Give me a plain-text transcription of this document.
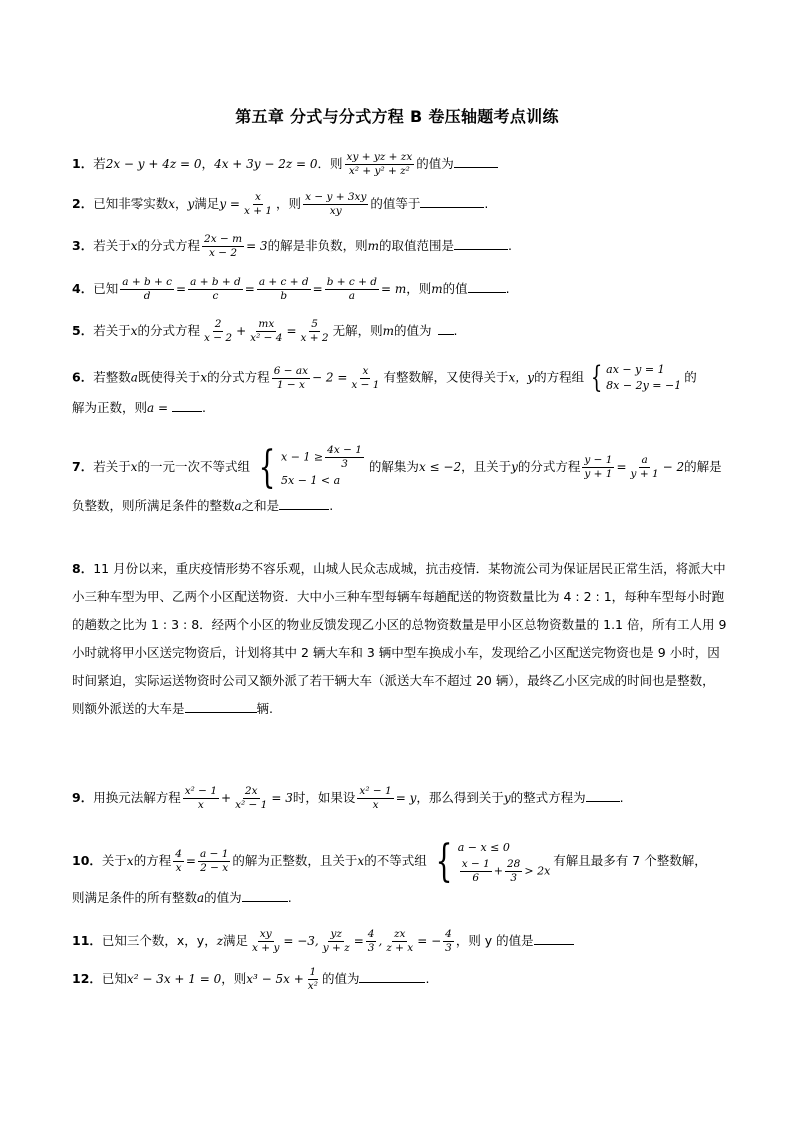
第五章 分式与分式方程 B 卷压轴题考点训练
1．若2x − y + 4z = 0，4x + 3y − 2z = 0．则 $\frac{xy + yz + zx}{\text{x² + y² + z²}}$ 的值为
2．已知非零实数x，y满足$y = \frac{x}{x + 1}$ ，则 $\frac{x - y + 3xy}{xy}$ 的值等于	.
3．若关于x的分式方程 $\frac{2x - m}{x - 2} = 3$的解是非负数，则m的取值范围是	.
4．已知 $\frac{a + b + c}{d} = \frac{a + b + d}{c} = \frac{a + c + d}{b} = \frac{b + c + d}{a} = m$，则m的值	.
5．若关于x的分式方程 $\frac{2}{x - 2} + \frac{mx}{\text{x² − 4}} = \frac{5}{x + 2}$ 无解，则m的值为 .
6．若整数a既使得关于x的分式方程 $\frac{6 - ax}{1 - x} - 2 = \frac{x}{x - 1}$ 有整数解，又使得关于x，y的方程组 { ax − y = 1
8x − 2y = −1
的
解为正数，则a =	.
7．若关于x的一元一次不等式组 { $x - 1 \ge \frac{4x - 1}{3}$
5x − 1 < a
的解集为x ≤ −2，且关于y的分式方程 $\frac{y - 1}{y + 1} = \frac{a}{y + 1} - 2$的解是
负整数，则所满足条件的整数a之和是	.
8．11 月份以来，重庆疫情形势不容乐观，山城人民众志成城，抗击疫情．某物流公司为保证居民正常生活，将派大中小三种车型为甲、乙两个小区配送物资．大中小三种车型每辆车每趟配送的物资数量比为 4 : 2 : 1，每种车型每小时跑的趟数之比为 1 : 3 : 8．经两个小区的物业反馈发现乙小区的总物资数量是甲小区总物资数量的 1.1 倍，所有工人用 9 小时就将甲小区送完物资后，计划将其中 2 辆大车和 3 辆中型车换成小车，发现给乙小区配送完物资也是 9 小时，因时间紧迫，实际运送物资时公司又额外派了若干辆大车（派送大车不超过 20 辆），最终乙小区完成的时间也是整数，则额外派送的大车是	辆.
9．用换元法解方程 $\frac{\text{x² − 1}}{x} + \frac{2x}{\text{x² − 1}} = 3$时，如果设 $\frac{\text{x² − 1}}{x} = y$，那么得到关于y的整式方程为	.
10．关于x的方程 $\frac{4}{x} = \frac{a - 1}{2 - x}$ 的解为正整数，且关于x的不等式组 { a − x ≤ 0
$\frac{x - 1}{6} + \frac{28}{3} > 2x$
有解且最多有 7 个整数解，
则满足条件的所有整数a的值为	.
11．已知三个数，x，y，z满足 $\frac{xy}{x + y} = -3$, $\frac{yz}{y + z} = \frac{4}{3}$ , $\frac{zx}{z + x}$ = − $\frac{4}{3}$ ，则 y 的值是
12．已知x² − 3x + 1 = 0，则$x^3 - 5x + \frac{1}{\text{x²}}$ 的值为	.
